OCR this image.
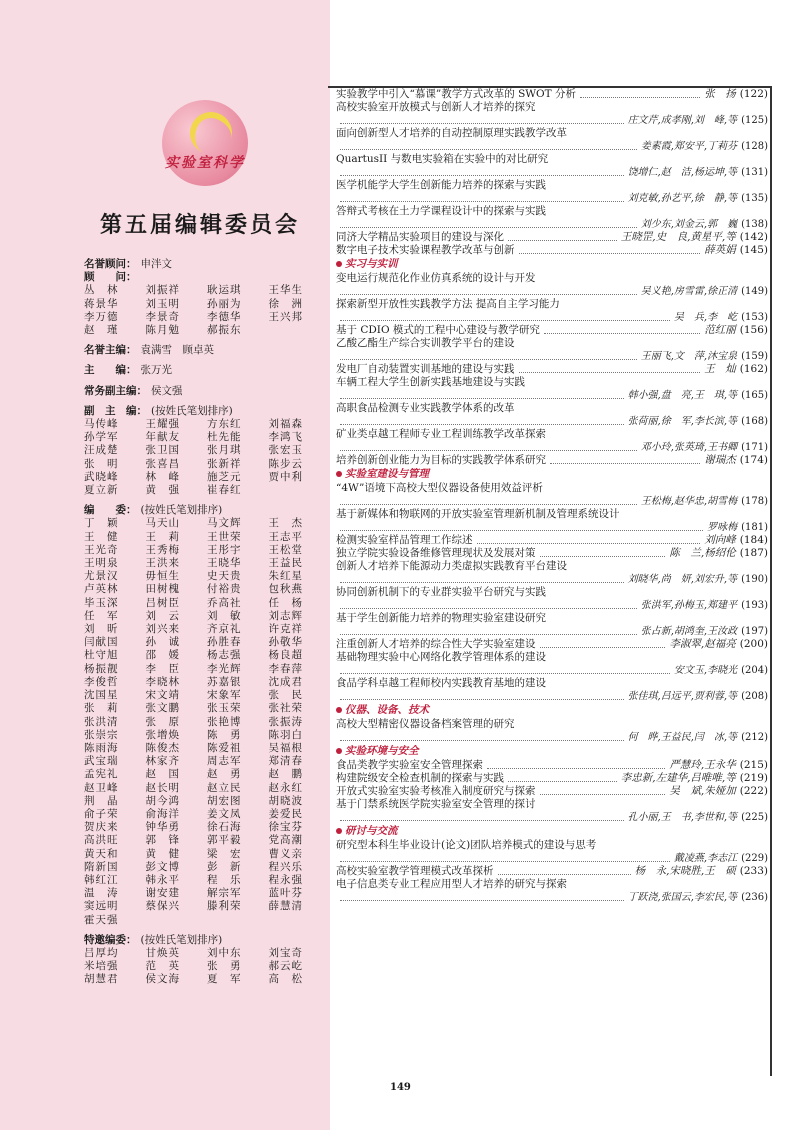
实验室科学
第五届编辑委员会
名誉顾问： 申泮文
顾　　问：
丛　林	刘振祥	耿运琪	王华生
蒋景华	刘玉明	孙丽为	徐　洲
李万德	李景奇	李德华	王兴邦
赵　瑾	陈月勉	郝振东
名誉主编： 袁满雪　顾卓英
主　　编： 张万光
常务副主编： 侯文强
副　主　编： (按姓氏笔划排序)
马传峰	王耀强	方东红	刘福森
孙学军	年献友	杜先能	李鸿飞
汪成楚	张卫国	张月琪	张宏玉
张　明	张喜昌	张新祥	陈步云
武晓峰	林　峰	施芝元	贾中利
夏立新	黄　强	崔春红
编　　委： (按姓氏笔划排序)
丁　颖	马天山	马文辉	王　杰
王　健	王　莉	王世荣	王志平
王光奇	王秀梅	王彤宇	王松堂
王明泉	王洪来	王晓华	王益民
尤景汉	毋恒生	史天贵	朱红星
卢英林	田树槐	付裕贵	包秋燕
毕玉深	吕树臣	乔高社	任　杨
任　军	刘　云	刘　敏	刘志辉
刘　昕	刘兴来	齐京礼	许克祥
闫献国	孙　诚	孙胜春	孙敬华
杜守旭	邵　媛	杨志强	杨良超
杨振靓	李　臣	李光辉	李春萍
李俊哲	李晓林	苏嘉银	沈成君
沈国星	宋文靖	宋象军	张　民
张　莉	张文鹏	张玉荣	张社荣
张洪清	张　原	张艳博	张振涛
张崇宗	张增焕	陈　勇	陈羽白
陈雨海	陈俊杰	陈爱祖	吴福根
武宝瑞	林家齐	周志军	郑清春
孟宪礼	赵　国	赵　勇	赵　鹏
赵卫峰	赵长明	赵立民	赵永红
荆　晶	胡今鸿	胡宏图	胡晓波
俞子荣	俞海洋	姜文凤	姜爱民
贺庆来	钟华勇	徐石海	徐宝芬
高洪旺	郭　锋	郭平毅	党高潮
黄天和	黄　健	梁　宏	曹义亲
隋新国	彭文博	彭　新	程兴乐
韩红江	韩永平	程　乐	程永强
温　涛	谢安建	解宗军	蓝叶芬
窦远明	蔡保兴	滕利荣	薛慧清
霍天强
特邀编委： (按姓氏笔划排序)
吕厚均	甘焕英	刘中东	刘宝奇
米培强	范　英	张　勇	郝云屹
胡慧君	侯文海	夏　军	高　松
实验教学中引入“慕课”教学方式改革的 SWOT 分析	张　扬 (122)
高校实验室开放模式与创新人才培养的探究
庄文芹,成孝刚,刘　峰,等 (125)
面向创新型人才培养的自动控制原理实践教学改革
姜素霞,郑安平,丁莉芬 (128)
QuartusII 与数电实验箱在实验中的对比研究
饶增仁,赵　洁,杨运坤,等 (131)
医学机能学大学生创新能力培养的探索与实践
刘克敏,孙艺平,徐　静,等 (135)
答辩式考核在土力学课程设计中的探索与实践
刘少东,刘金云,郭　巍 (138)
同济大学精品实验项目的建设与深化	王晓罡,史　良,黄星平,等 (142)
数字电子技术实验课程教学改革与创新	薛英娟 (145)
实习与实训
变电运行规范化作业仿真系统的设计与开发
吴义艳,房雪雷,徐正清 (149)
探索新型开放性实践教学方法 提高自主学习能力
吴　兵,李　屹 (153)
基于 CDIO 模式的工程中心建设与教学研究	范红丽 (156)
乙酸乙酯生产综合实训教学平台的建设
王丽飞,文　萍,沐宝泉 (159)
发电厂自动装置实训基地的建设与实践	王　灿 (162)
车辆工程大学生创新实践基地建设与实践
韩小强,盘　亮,王　琪,等 (165)
高职食品检测专业实践教学体系的改革
张荷丽,徐　军,李长滨,等 (168)
矿业类卓越工程师专业工程训练教学改革探索
邓小玲,张英琦,王书卿 (171)
培养创新创业能力为目标的实践教学体系研究	谢瑞杰 (174)
实验室建设与管理
“4W”语境下高校大型仪器设备使用效益评析
王松梅,赵华忠,胡雪梅 (178)
基于新媒体和物联网的开放实验室管理新机制及管理系统设计
罗咏梅 (181)
检测实验室样品管理工作综述	刘向峰 (184)
独立学院实验设备维修管理现状及发展对策	陈　兰,杨绍伦 (187)
创新人才培养下能源动力类虚拟实践教育平台建设
刘晓华,尚　妍,刘宏升,等 (190)
协同创新机制下的专业群实验平台研究与实践
张洪军,孙梅玉,郑建平 (193)
基于学生创新能力培养的物理实验室建设研究
张占新,胡鸿奎,王汝政 (197)
注重创新人才培养的综合性大学实验室建设	李淑翠,赵福亮 (200)
基础物理实验中心网络化教学管理体系的建设
安文玉,李晓光 (204)
食品学科卓越工程师校内实践教育基地的建设
张佳琪,吕远平,贾利蓉,等 (208)
仪器、设备、技术
高校大型精密仪器设备档案管理的研究
何　晔,王益民,闫　冰,等 (212)
实验环境与安全
食品类教学实验室安全管理探索	严慧玲,王永华 (215)
构建院级安全检查机制的探索与实践	李忠新,左建华,吕唯唯,等 (219)
开放式实验室实验考核准入制度研究与探索	吴　斌,朱娅加 (222)
基于门禁系统医学院实验室安全管理的探讨
孔小丽,王　书,李世和,等 (225)
研讨与交流
研究型本科生毕业设计(论文)团队培养模式的建设与思考
戴凌燕,李志江 (229)
高校实验室教学管理模式改革探析	杨　永,宋晓胜,王　硕 (233)
电子信息类专业工程应用型人才培养的研究与探索
丁跃浇,张国云,李宏民,等 (236)
149
